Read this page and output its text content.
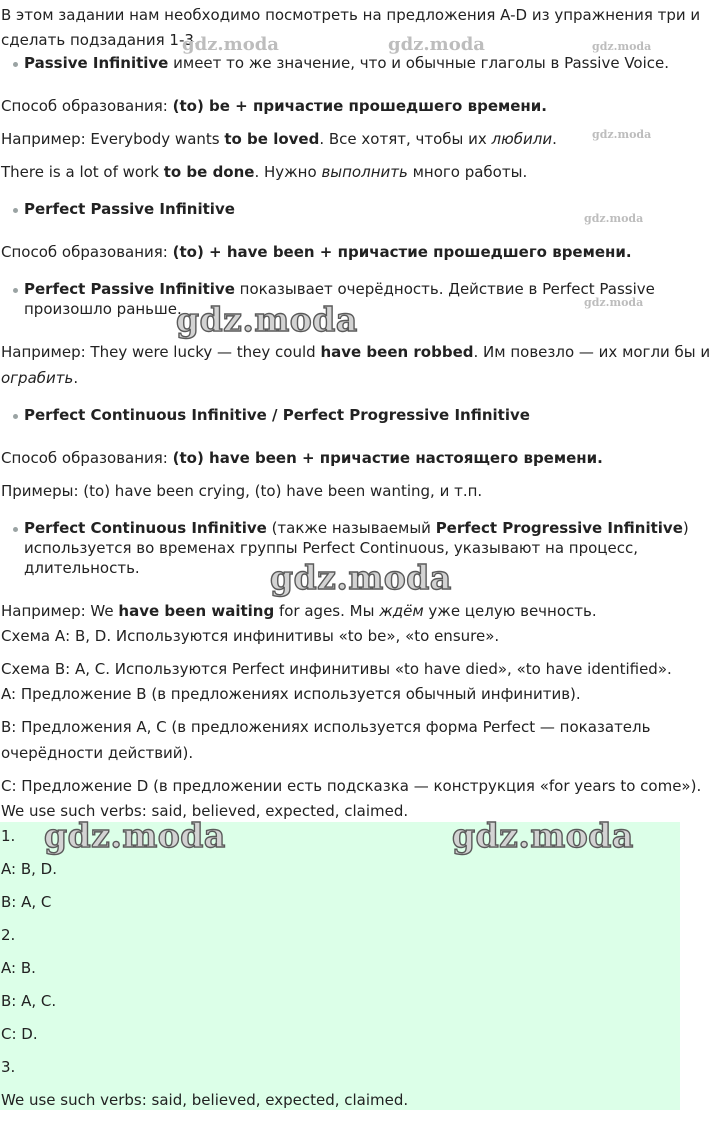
В этом задании нам необходимо посмотреть на предложения A-D из упражнения три и
сделать подзадания 1-3.
Passive Infinitive имеет то же значение, что и обычные глаголы в Passive Voice.
Способ образования: (to) be + причастие прошедшего времени.
Например: Everybody wants to be loved. Все хотят, чтобы их любили.
There is a lot of work to be done. Нужно выполнить много работы.
Perfect Passive Infinitive
Способ образования: (to) + have been + причастие прошедшего времени.
Perfect Passive Infinitive показывает очерёдность. Действие в Perfect Passive
произошло раньше.
Например: They were lucky — they could have been robbed. Им повезло — их могли бы и
ограбить.
Perfect Continuous Infinitive / Perfect Progressive Infinitive
Способ образования: (to) have been + причастие настоящего времени.
Примеры: (to) have been crying, (to) have been wanting, и т.п.
Perfect Continuous Infinitive (также называемый Perfect Progressive Infinitive)
используется во временах группы Perfect Continuous, указывают на процесс,
длительность.
Например: We have been waiting for ages. Мы ждём уже целую вечность.
Схема А: B, D. Используются инфинитивы «to be», «to ensure».
Схема B: A, C. Используются Perfect инфинитивы «to have died», «to have identified».
A: Предложение В (в предложениях используется обычный инфинитив).
B: Предложения А, С (в предложениях используется форма Perfect — показатель
очерёдности действий).
C: Предложение D (в предложении есть подсказка — конструкция «for years to come»).
We use such verbs: said, believed, expected, claimed.
1.
A: B, D.
B: A, C
2.
A: B.
B: A, C.
C: D.
3.
We use such verbs: said, believed, expected, claimed.
gdz.moda	gdz.moda	gdz.moda
gdz.moda
gdz.moda
gdz.moda
gdz.moda
gdz.moda
gdz.moda	gdz.moda
